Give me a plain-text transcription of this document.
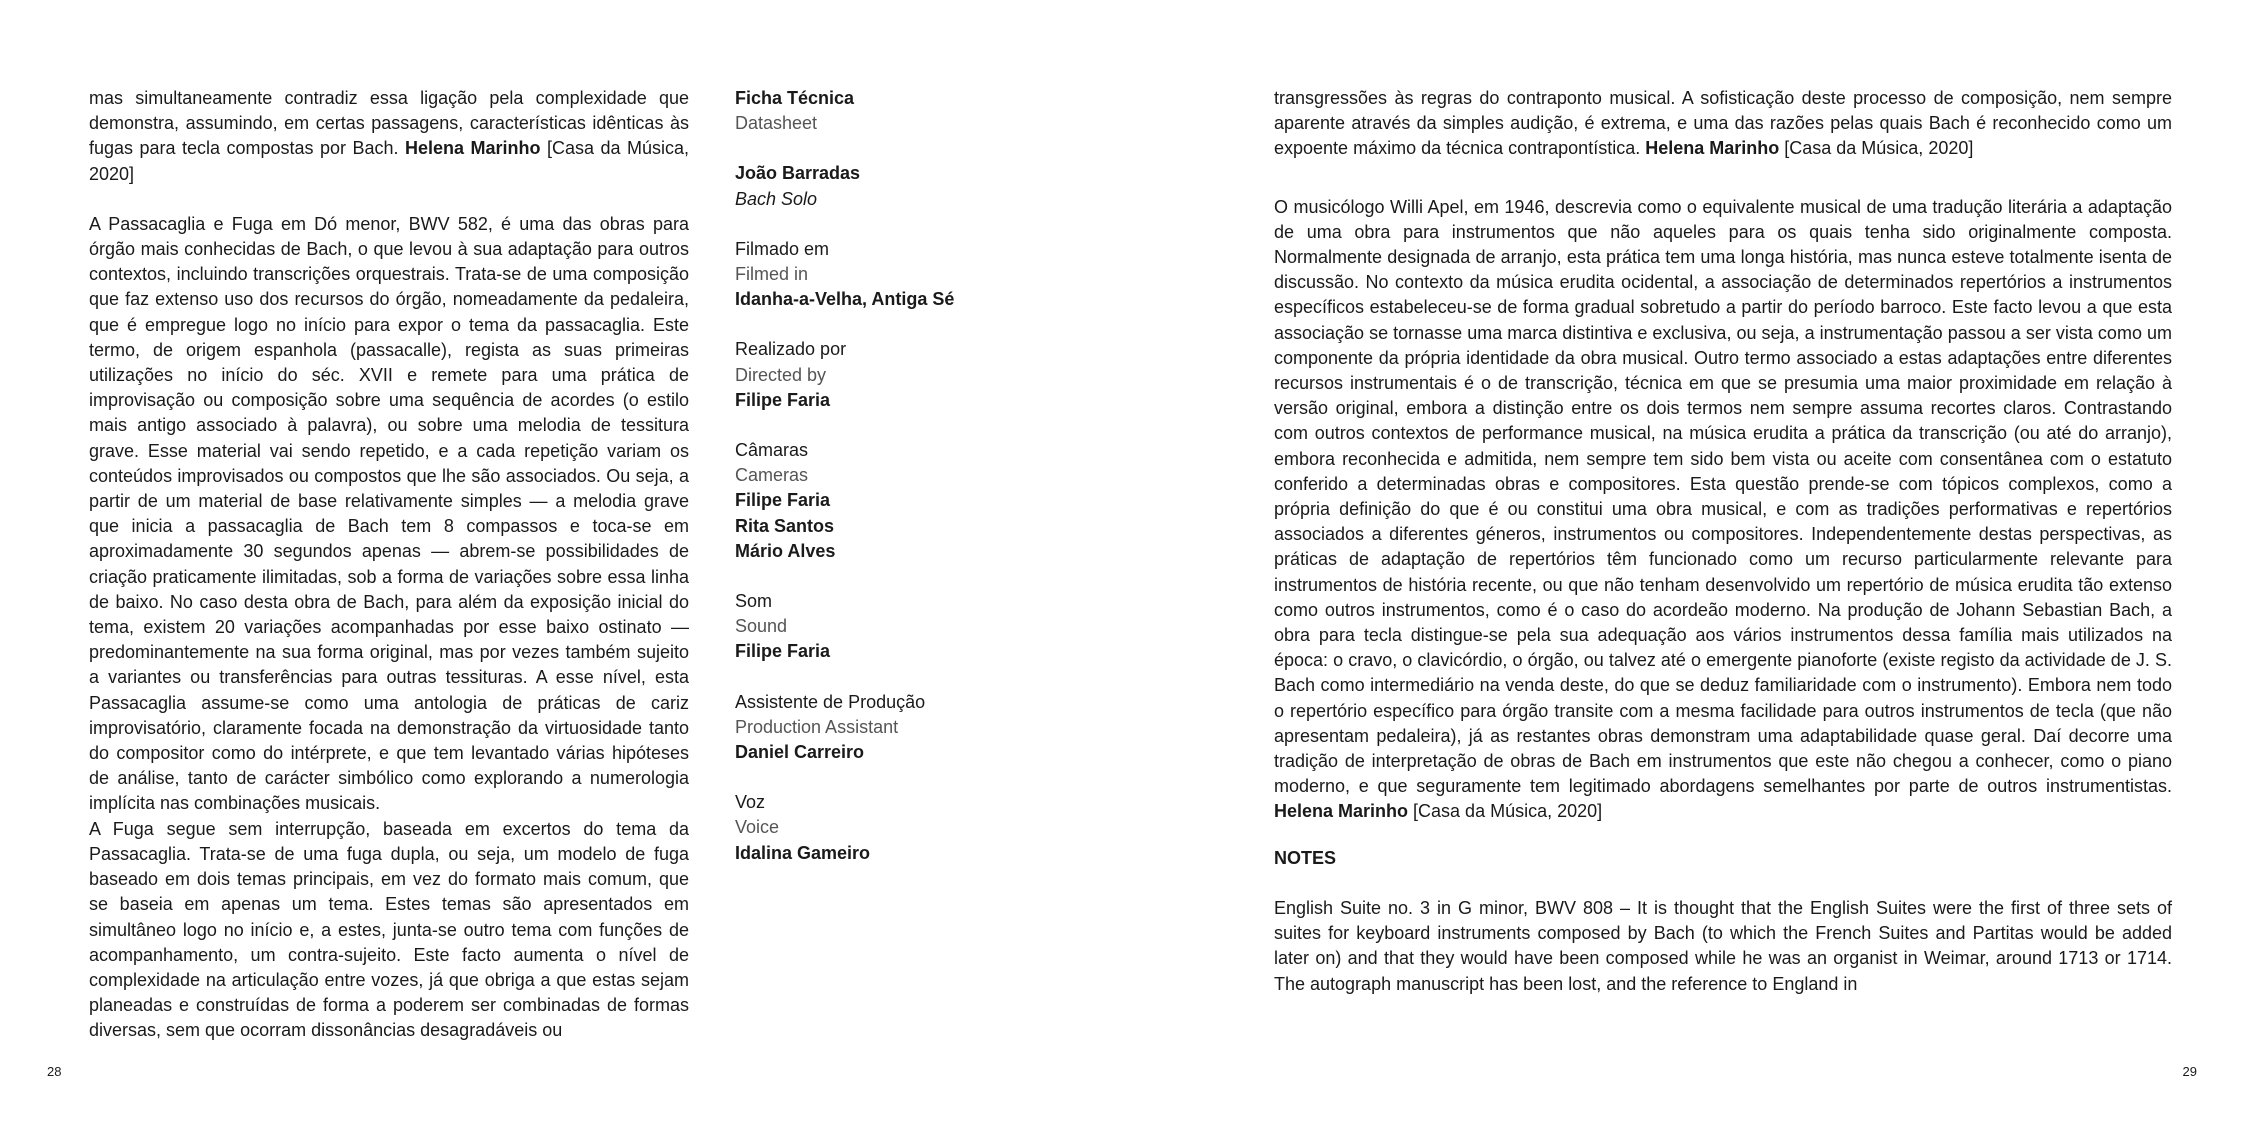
mas simultaneamente contradiz essa ligação pela complexidade que demonstra, assumindo, em certas passagens, características idênticas às fugas para tecla compostas por Bach. Helena Marinho [Casa da Música, 2020]

A Passacaglia e Fuga em Dó menor, BWV 582, é uma das obras para órgão mais conhecidas de Bach, o que levou à sua adaptação para outros contextos, incluindo transcrições orquestrais. Trata-se de uma composição que faz extenso uso dos recursos do órgão, nomeadamente da pedaleira, que é empregue logo no início para expor o tema da passacaglia. Este termo, de origem espanhola (passacalle), regista as suas primeiras utilizações no início do séc. XVII e remete para uma prática de improvisação ou composição sobre uma sequência de acordes (o estilo mais antigo associado à palavra), ou sobre uma melodia de tessitura grave. Esse material vai sendo repetido, e a cada repetição variam os conteúdos improvisados ou compostos que lhe são associados. Ou seja, a partir de um material de base relativamente simples — a melodia grave que inicia a passacaglia de Bach tem 8 compassos e toca-se em aproximadamente 30 segundos apenas — abrem-se possibilidades de criação praticamente ilimitadas, sob a forma de variações sobre essa linha de baixo. No caso desta obra de Bach, para além da exposição inicial do tema, existem 20 variações acompanhadas por esse baixo ostinato — predominantemente na sua forma original, mas por vezes também sujeito a variantes ou transferências para outras tessituras. A esse nível, esta Passacaglia assume-se como uma antologia de práticas de cariz improvisatório, claramente focada na demonstração da virtuosidade tanto do compositor como do intérprete, e que tem levantado várias hipóteses de análise, tanto de carácter simbólico como explorando a numerologia implícita nas combinações musicais.

A Fuga segue sem interrupção, baseada em excertos do tema da Passacaglia. Trata-se de uma fuga dupla, ou seja, um modelo de fuga baseado em dois temas principais, em vez do formato mais comum, que se baseia em apenas um tema. Estes temas são apresentados em simultâneo logo no início e, a estes, junta-se outro tema com funções de acompanhamento, um contra-sujeito. Este facto aumenta o nível de complexidade na articulação entre vozes, já que obriga a que estas sejam planeadas e construídas de forma a poderem ser combinadas de formas diversas, sem que ocorram dissonâncias desagradáveis ou

Ficha Técnica
Datasheet
João Barradas
Bach Solo
Filmado em
Filmed in
Idanha-a-Velha, Antiga Sé
Realizado por
Directed by
Filipe Faria
Câmaras
Cameras
Filipe Faria
Rita Santos
Mário Alves
Som
Sound
Filipe Faria
Assistente de Produção
Production Assistant
Daniel Carreiro
Voz
Voice
Idalina Gameiro
28

transgressões às regras do contraponto musical. A sofisticação deste processo de composição, nem sempre aparente através da simples audição, é extrema, e uma das razões pelas quais Bach é reconhecido como um expoente máximo da técnica contrapontística. Helena Marinho [Casa da Música, 2020]

O musicólogo Willi Apel, em 1946, descrevia como o equivalente musical de uma tradução literária a adaptação de uma obra para instrumentos que não aqueles para os quais tenha sido originalmente composta. Normalmente designada de arranjo, esta prática tem uma longa história, mas nunca esteve totalmente isenta de discussão. No contexto da música erudita ocidental, a associação de determinados repertórios a instrumentos específicos estabeleceu-se de forma gradual sobretudo a partir do período barroco. Este facto levou a que esta associação se tornasse uma marca distintiva e exclusiva, ou seja, a instrumentação passou a ser vista como um componente da própria identidade da obra musical. Outro termo associado a estas adaptações entre diferentes recursos instrumentais é o de transcrição, técnica em que se presumia uma maior proximidade em relação à versão original, embora a distinção entre os dois termos nem sempre assuma recortes claros. Contrastando com outros contextos de performance musical, na música erudita a prática da transcrição (ou até do arranjo), embora reconhecida e admitida, nem sempre tem sido bem vista ou aceite com consentânea com o estatuto conferido a determinadas obras e compositores. Esta questão prende-se com tópicos complexos, como a própria definição do que é ou constitui uma obra musical, e com as tradições performativas e repertórios associados a diferentes géneros, instrumentos ou compositores. Independentemente destas perspectivas, as práticas de adaptação de repertórios têm funcionado como um recurso particularmente relevante para instrumentos de história recente, ou que não tenham desenvolvido um repertório de música erudita tão extenso como outros instrumentos, como é o caso do acordeão moderno. Na produção de Johann Sebastian Bach, a obra para tecla distingue-se pela sua adequação aos vários instrumentos dessa família mais utilizados na época: o cravo, o clavicórdio, o órgão, ou talvez até o emergente pianoforte (existe registo da actividade de J. S. Bach como intermediário na venda deste, do que se deduz familiaridade com o instrumento). Embora nem todo o repertório específico para órgão transite com a mesma facilidade para outros instrumentos de tecla (que não apresentam pedaleira), já as restantes obras demonstram uma adaptabilidade quase geral. Daí decorre uma tradição de interpretação de obras de Bach em instrumentos que este não chegou a conhecer, como o piano moderno, e que seguramente tem legitimado abordagens semelhantes por parte de outros instrumentistas. Helena Marinho [Casa da Música, 2020]

NOTES

English Suite no. 3 in G minor, BWV 808 – It is thought that the English Suites were the first of three sets of suites for keyboard instruments composed by Bach (to which the French Suites and Partitas would be added later on) and that they would have been composed while he was an organist in Weimar, around 1713 or 1714. The autograph manuscript has been lost, and the reference to England in

29
